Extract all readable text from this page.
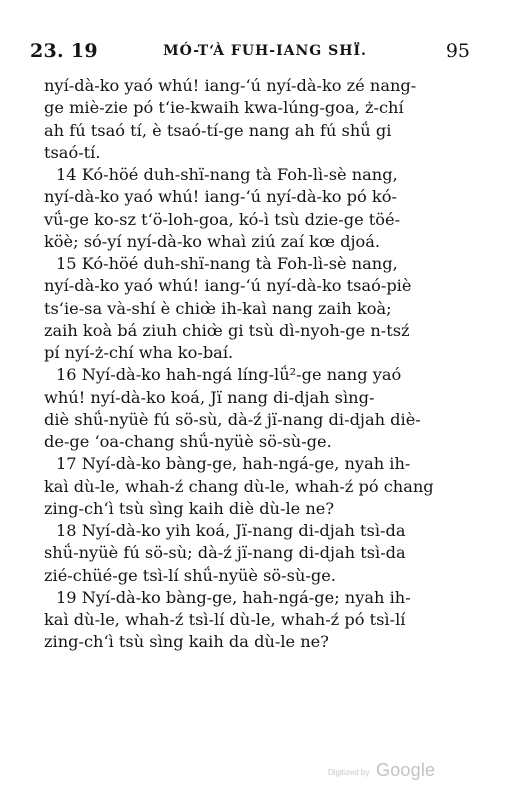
23. 19	MÓ-T‘À FUH-IANG SHÏ.	95
nyí-dà-ko yaó whú! iang-‘ú nyí-dà-ko zé nang-
ge miè-zie pó t‘ie-kwaih kwa-lúng-goa, ż-chí
ah fú tsaó tí, è tsaó-tí-ge nang ah fú shǘ gi
tsaó-tí.
14 Kó-höé duh-shï-nang tà Foh-lì-sè nang,
nyí-dà-ko yaó whú! iang-‘ú nyí-dà-ko pó kó-
vǘ-ge ko-sz t‘ö-loh-goa, kó-ì tsù dzie-ge töé-
köè; só-yí nyí-dà-ko whaì ziú zaí kœ djoá.
15 Kó-höé duh-shï-nang tà Foh-lì-sè nang,
nyí-dà-ko yaó whú! iang-‘ú nyí-dà-ko tsaó-piè
ts‘ie-sa và-shí è chiœ̀ ih-kaì nang zaih koà;
zaih koà bá ziuh chiœ̀ gi tsù dì-nyoh-ge n-tsź
pí nyí-ż-chí wha ko-baí.
16 Nyí-dà-ko hah-ngá líng-lǘ²-ge nang yaó
whú! nyí-dà-ko koá, Jï nang di-djah sìng-
diè shǘ-nyüè fú sö-sù, dà-ź jï-nang di-djah diè-
de-ge ‘oa-chang shǘ-nyüè sö-sù-ge.
17 Nyí-dà-ko bàng-ge, hah-ngá-ge, nyah ih-
kaì dù-le, whah-ź chang dù-le, whah-ź pó chang
zing-ch‘ì tsù sìng kaih diè dù-le ne?
18 Nyí-dà-ko yih koá, Jï-nang di-djah tsì-da
shǘ-nyüè fú sö-sù; dà-ź jï-nang di-djah tsì-da
zié-chüé-ge tsì-lí shǘ-nyüè sö-sù-ge.
19 Nyí-dà-ko bàng-ge, hah-ngá-ge; nyah ih-
kaì dù-le, whah-ź tsì-lí dù-le, whah-ź pó tsì-lí
zing-ch‘ì tsù sìng kaih da dù-le ne?
Digitized by Google
